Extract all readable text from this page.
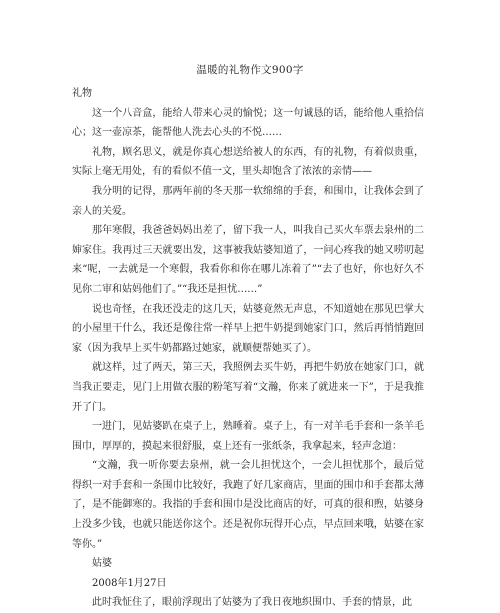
温暖的礼物作文900字

礼物

这一个八音盒，能给人带来心灵的愉悦；这一句诚恳的话，能给他人重拾信心；这一壶凉茶，能帮他人洗去心头的不悦……

礼物，顾名思义，就是你真心想送给被人的东西，有的礼物，有着似贵重，实际上毫无用处，有的看似不值一文，里头却饱含了浓浓的亲情——

我分明的记得，那两年前的冬天那一软绵绵的手套，和围巾，让我体会到了亲人的关爱。

那年寒假，我爸爸妈妈出差了，留下我一人，叫我自己买火车票去泉州的二婶家住。我再过三天就要出发，这事被我姑婆知道了，一问心疼我的她又唠叨起来“呢，一去就是一个寒假，我看你和你在哪儿冻着了”“去了也好，你也好久不见你二审和姑妈他们了。”“我还是担忧……”

说也奇怪，在我还没走的这几天，姑婆竟然无声息，不知道她在那见巴掌大的小屋里干什么，我还是像往常一样早上把牛奶提到她家门口，然后再悄悄跑回家（因为我早上买牛奶都路过她家，就顺便帮她买了）。

就这样，过了两天，第三天，我照例去买牛奶，再把牛奶放在她家门口，就当我正要走，见门上用做衣服的粉笔写着“文瀚，你来了就进来一下”，于是我推开了门。

一进门，见姑婆趴在桌子上，熟睡着。桌子上，有一对羊毛手套和一条羊毛围巾，厚厚的，摸起来很舒服，桌上还有一张纸条，我拿起来，轻声念道：

“文瀚，我一听你要去泉州，就一会儿担忧这个，一会儿担忧那个，最后觉得织一对手套和一条围巾比较好，我跑了好几家商店，里面的围巾和手套都太薄了，是不能御寒的。我指的手套和围巾是没比商店的好，可真的很和煦，姑婆身上没多少钱，也就只能送你这个。还是祝你玩得开心点，早点回来哦，姑婆在家等你。”

姑婆

2008年1月27日

此时我怔住了，眼前浮现出了姑婆为了我日夜地织围巾、手套的情景，此
